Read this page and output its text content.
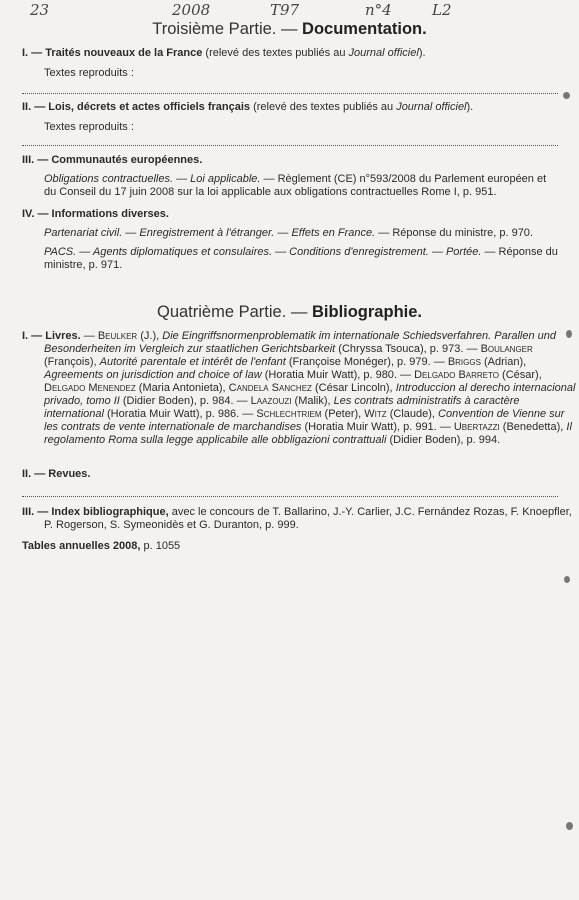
23	2008	T97	n°4	L2
Troisième Partie. — Documentation.
I. — Traités nouveaux de la France (relevé des textes publiés au Journal officiel).
Textes reproduits :
II. — Lois, décrets et actes officiels français (relevé des textes publiés au Journal officiel).
Textes reproduits :
III. — Communautés européennes.
Obligations contractuelles. — Loi applicable. — Règlement (CE) n°593/2008 du Parlement européen et du Conseil du 17 juin 2008 sur la loi applicable aux obligations contractuelles Rome I, p. 951.
IV. — Informations diverses.
Partenariat civil. — Enregistrement à l'étranger. — Effets en France. — Réponse du ministre, p. 970.
PACS. — Agents diplomatiques et consulaires. — Conditions d'enregistrement. — Portée. — Réponse du ministre, p. 971.
Quatrième Partie. — Bibliographie.
I. — Livres. — Beulker (J.), Die Eingriffsnormenproblematik im internationale Schiedsverfahren. Parallen und Besonderheiten im Vergleich zur staatlichen Gerichtsbarkeit (Chryssa Tsouca), p. 973. — Boulanger (François), Autorité parentale et intérêt de l'enfant (Françoise Monéger), p. 979. — Briggs (Adrian), Agreements on jurisdiction and choice of law (Horatia Muir Watt), p. 980. — Delgado Barreto (César), Delgado Menendez (Maria Antonieta), Candela Sanchez (César Lincoln), Introduccion al derecho internacional privado, tomo II (Didier Boden), p. 984. — Laazouzi (Malik), Les contrats administratifs à caractère international (Horatia Muir Watt), p. 986. — Schlechtriem (Peter), Witz (Claude), Convention de Vienne sur les contrats de vente internationale de marchandises (Horatia Muir Watt), p. 991. — Ubertazzi (Benedetta), Il regolamento Roma sulla legge applicabile alle obbligazioni contrattuali (Didier Boden), p. 994.
II. — Revues.
III. — Index bibliographique, avec le concours de T. Ballarino, J.-Y. Carlier, J.C. Fernández Rozas, F. Knoepfler, P. Rogerson, S. Symeonidès et G. Duranton, p. 999.
Tables annuelles 2008, p. 1055
